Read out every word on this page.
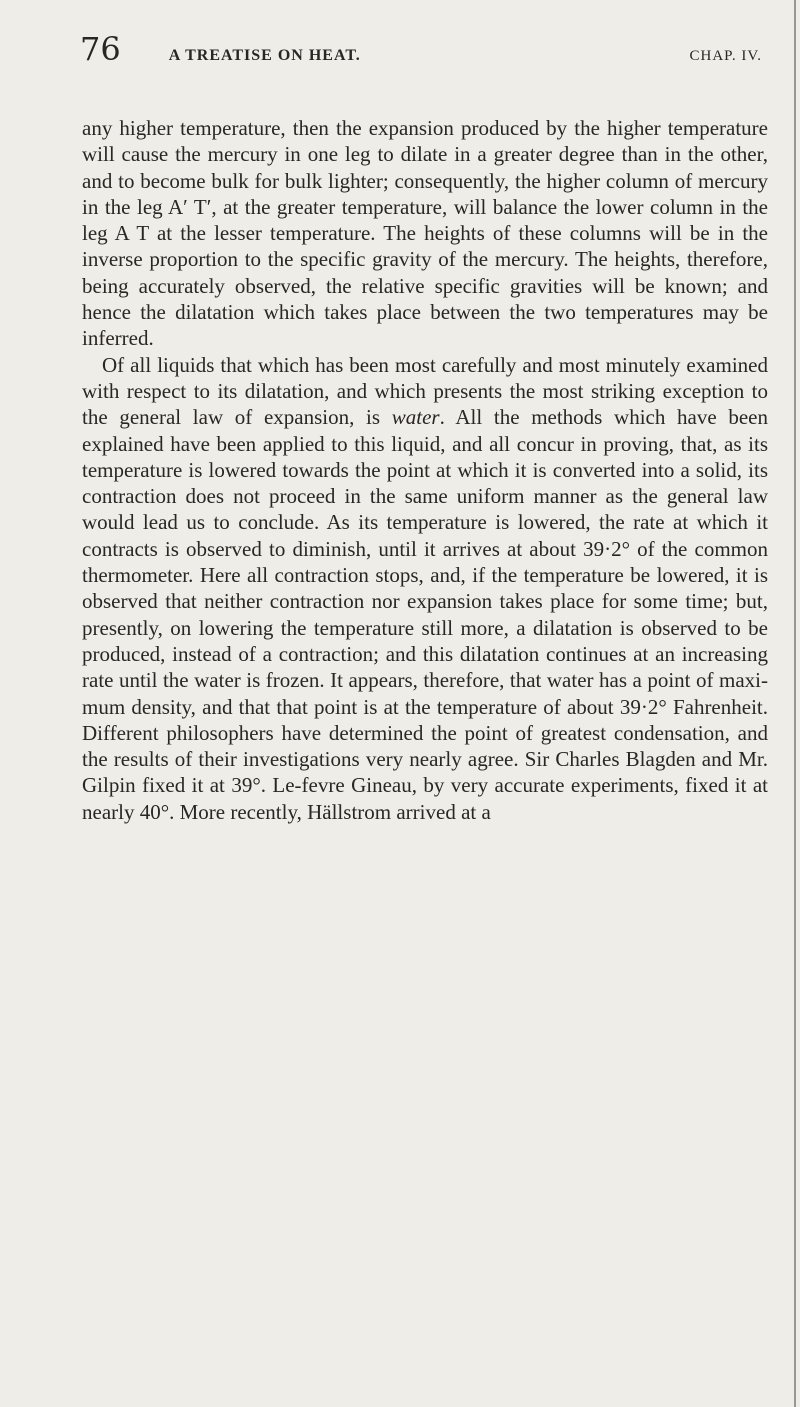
76	A TREATISE ON HEAT.	CHAP. IV.

any higher temperature, then the expansion produced by the higher temperature will cause the mercury in one leg to dilate in a greater degree than in the other, and to become bulk for bulk lighter; consequently, the higher column of mercury in the leg A′ T′, at the greater temperature, will balance the lower column in the leg A T at the lesser temperature. The heights of these columns will be in the inverse proportion to the specific gravity of the mercury. The heights, therefore, being accurately observed, the relative specific gravities will be known; and hence the dilatation which takes place between the two temperatures may be inferred.

Of all liquids that which has been most carefully and most minutely examined with respect to its dilatation, and which presents the most striking exception to the general law of expansion, is water. All the methods which have been explained have been applied to this liquid, and all concur in proving, that, as its temperature is lowered towards the point at which it is converted into a solid, its contraction does not proceed in the same uniform manner as the general law would lead us to conclude. As its temperature is lowered, the rate at which it contracts is observed to diminish, until it arrives at about 39·2° of the common thermometer. Here all contraction stops, and, if the temperature be lowered, it is observed that neither contraction nor expansion takes place for some time; but, presently, on lowering the temperature still more, a dilatation is observed to be produced, instead of a contraction; and this dilatation continues at an increasing rate until the water is frozen. It appears, therefore, that water has a point of maxi-mum density, and that that point is at the temperature of about 39·2° Fahrenheit. Different philosophers have determined the point of greatest condensation, and the results of their investigations very nearly agree. Sir Charles Blagden and Mr. Gilpin fixed it at 39°. Le-fevre Gineau, by very accurate experiments, fixed it at nearly 40°. More recently, Hällstrom arrived at a
